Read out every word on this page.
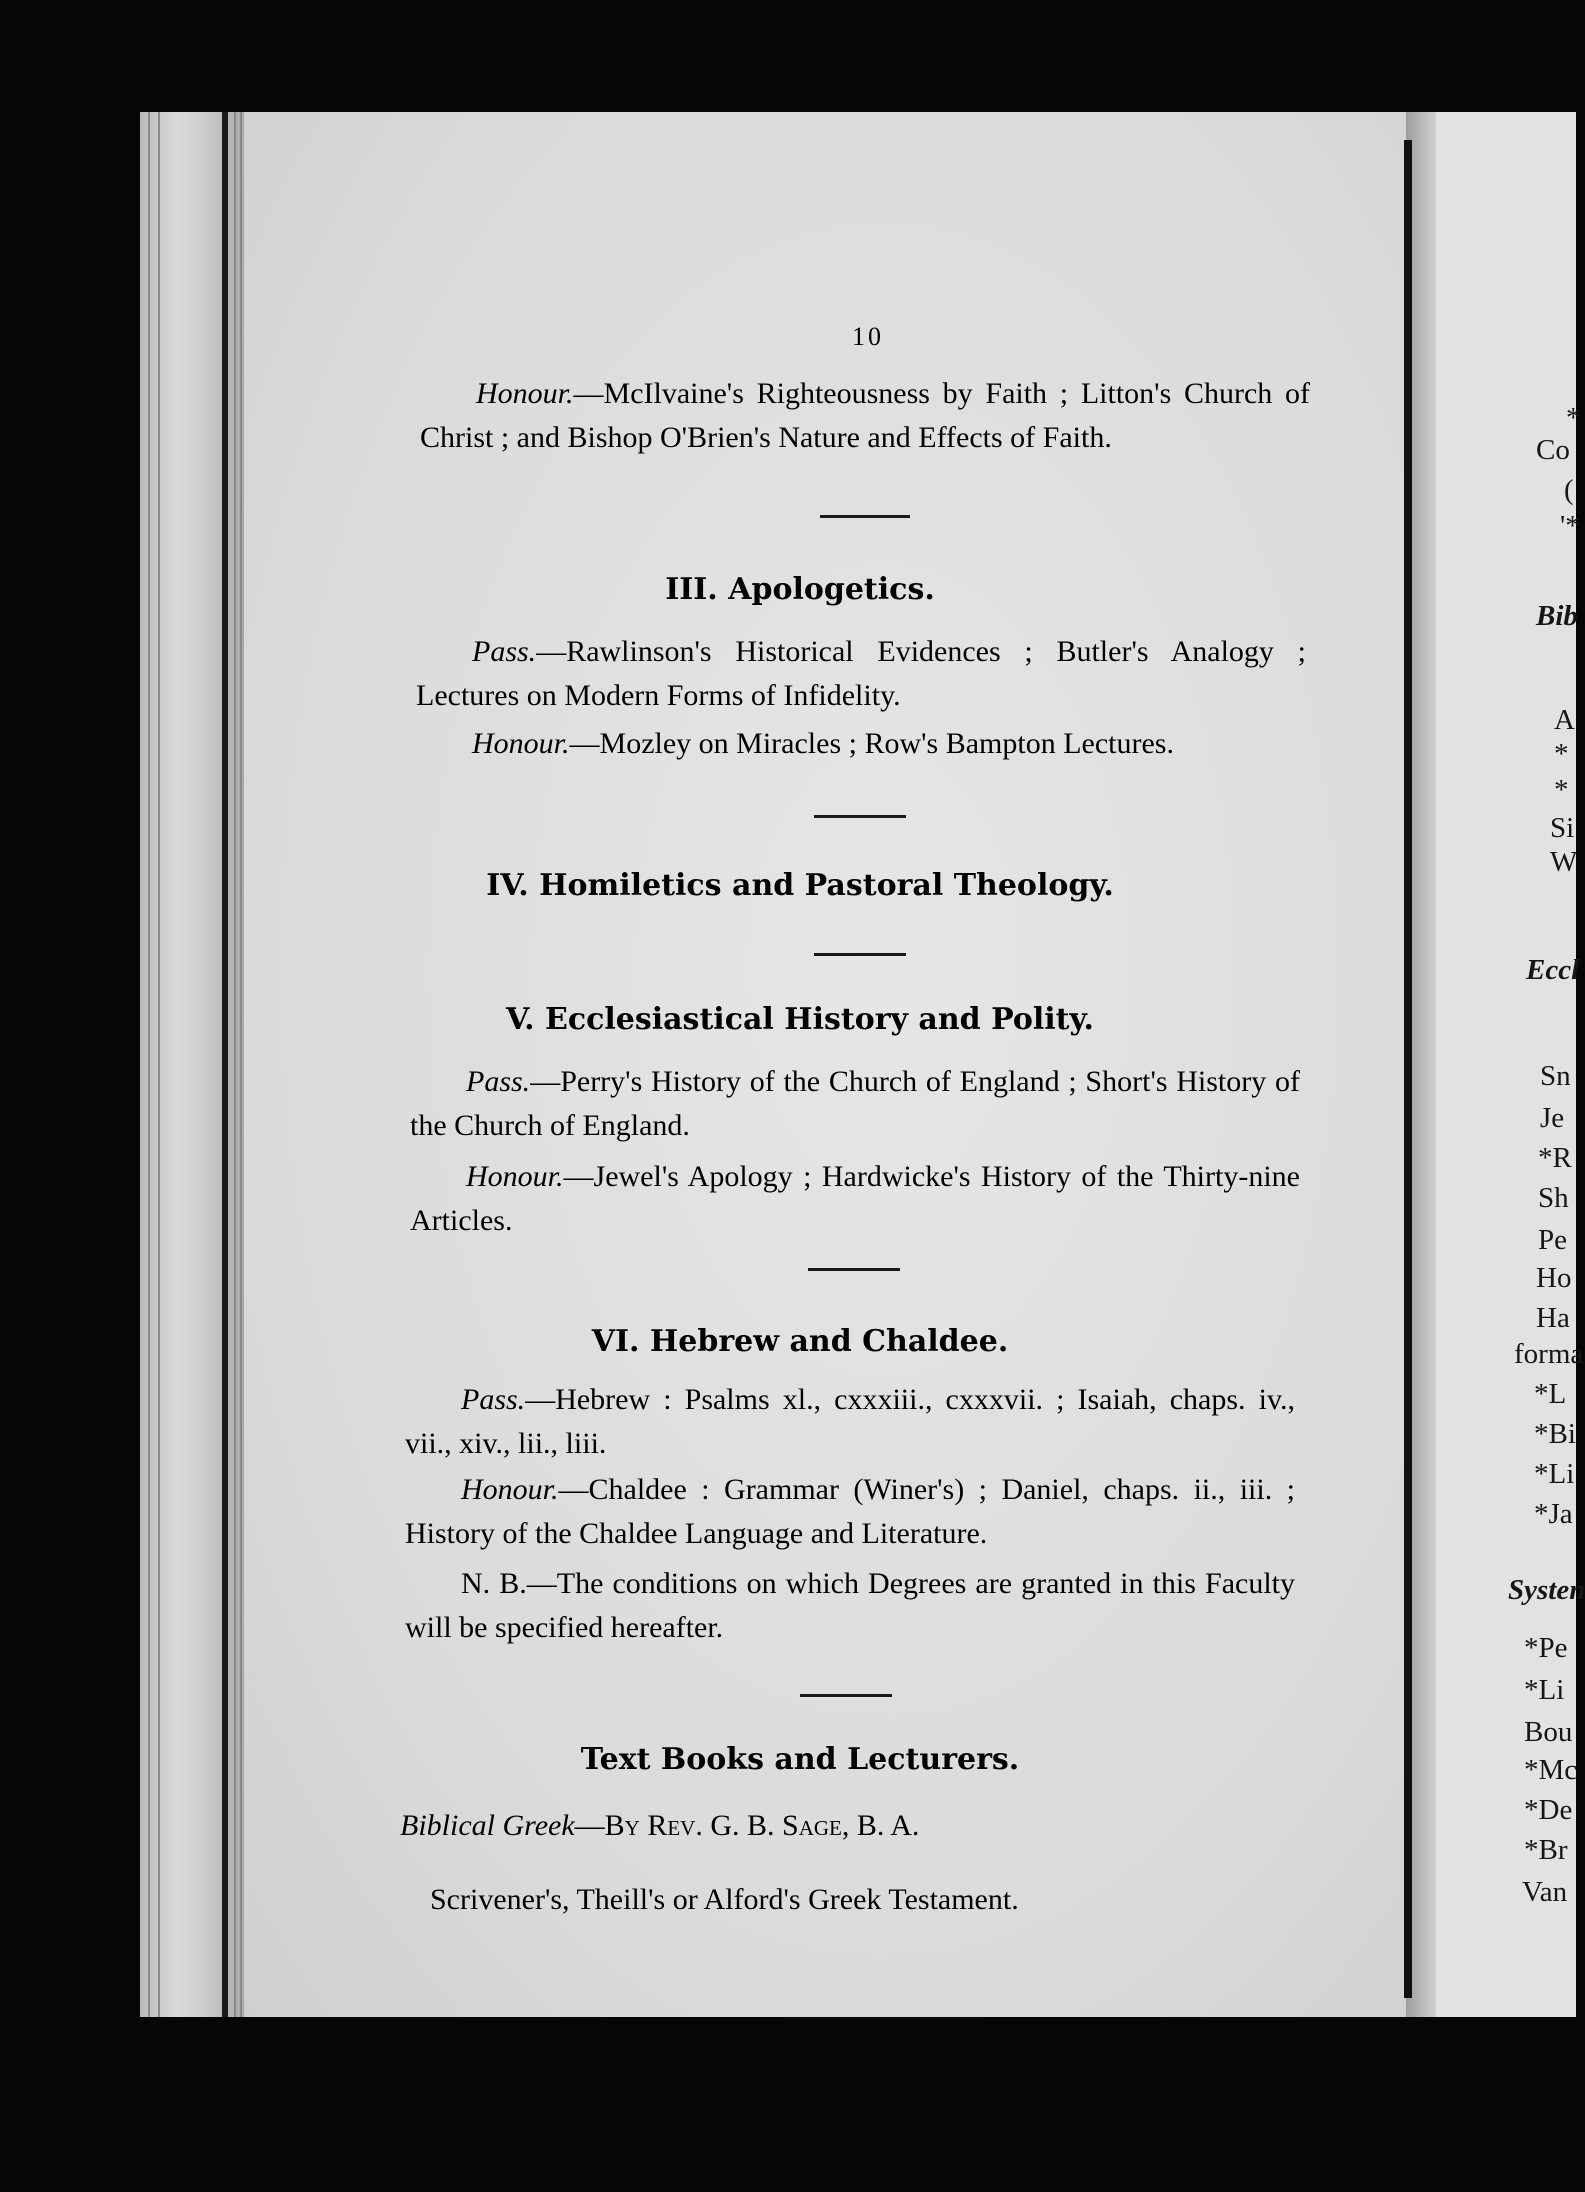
10
Honour.—McIlvaine's Righteousness by Faith ; Litton's Church of Christ ; and Bishop O'Brien's Nature and Effects of Faith.
III. Apologetics.
Pass.—Rawlinson's Historical Evidences ; Butler's Analogy ; Lectures on Modern Forms of Infidelity.
Honour.—Mozley on Miracles ; Row's Bampton Lectures.
IV. Homiletics and Pastoral Theology.
V. Ecclesiastical History and Polity.
Pass.—Perry's History of the Church of England ; Short's History of the Church of England.
Honour.—Jewel's Apology ; Hardwicke's History of the Thirty-nine Articles.
VI. Hebrew and Chaldee.
Pass.—Hebrew : Psalms xl., cxxxiii., cxxxvii. ; Isaiah, chaps. iv., vii., xiv., lii., liii.
Honour.—Chaldee : Grammar (Winer's) ; Daniel, chaps. ii., iii. ; History of the Chaldee Language and Literature.
N. B.—The conditions on which Degrees are granted in this Faculty will be specified hereafter.
Text Books and Lecturers.
Biblical Greek—By Rev. G. B. Sage, B. A.
Scrivener's, Theill's or Alford's Greek Testament.
*
Co
(
'*
Bib
A
*
*
Si
W
Eccl
Sn
Je
*R
Sh
Pe
Ho
Ha
forma
*L
*Bi
*Li
*Ja
Systen
*Pe
*Li
Bou
*Mc
*De
*Br
Van
